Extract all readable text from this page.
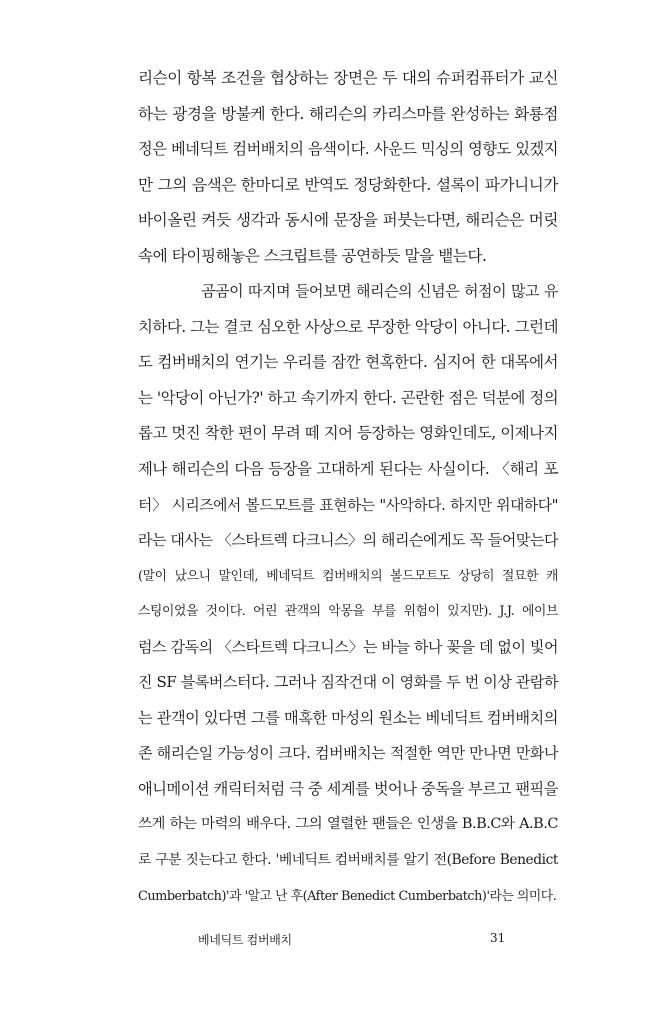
리슨이 항복 조건을 협상하는 장면은 두 대의 슈퍼컴퓨터가 교신
하는 광경을 방불케 한다. 해리슨의 카리스마를 완성하는 화룡점
정은 베네딕트 컴버배치의 음색이다. 사운드 믹싱의 영향도 있겠지
만 그의 음색은 한마디로 반역도 정당화한다. 셜록이 파가니니가
바이올린 켜듯 생각과 동시에 문장을 퍼붓는다면, 해리슨은 머릿
속에 타이핑해놓은 스크립트를 공연하듯 말을 뱉는다.
곰곰이 따지며 들어보면 해리슨의 신념은 허점이 많고 유
치하다. 그는 결코 심오한 사상으로 무장한 악당이 아니다. 그런데
도 컴버배치의 연기는 우리를 잠깐 현혹한다. 심지어 한 대목에서
는 '악당이 아닌가?' 하고 속기까지 한다. 곤란한 점은 덕분에 정의
롭고 멋진 착한 편이 무려 떼 지어 등장하는 영화인데도, 이제나지
제나 해리슨의 다음 등장을 고대하게 된다는 사실이다. 〈해리 포
터〉 시리즈에서 볼드모트를 표현하는 "사악하다. 하지만 위대하다"
라는 대사는 〈스타트렉 다크니스〉의 해리슨에게도 꼭 들어맞는다
(말이 났으니 말인데, 베네딕트 컴버배치의 볼드모트도 상당히 절묘한 캐
스팅이었을 것이다. 어린 관객의 악몽을 부를 위험이 있지만). J.J. 에이브
럼스 감독의 〈스타트렉 다크니스〉는 바늘 하나 꽂을 데 없이 빛어
진 SF 블록버스터다. 그러나 짐작건대 이 영화를 두 번 이상 관람하
는 관객이 있다면 그를 매혹한 마성의 원소는 베네딕트 컴버배치의
존 해리슨일 가능성이 크다. 컴버배치는 적절한 역만 만나면 만화나
애니메이션 캐릭터처럼 극 중 세계를 벗어나 중독을 부르고 팬픽을
쓰게 하는 마력의 배우다. 그의 열렬한 팬들은 인생을 B.B.C와 A.B.C
로 구분 짓는다고 한다. '베네딕트 컴버배치를 알기 전(Before Benedict
Cumberbatch)'과 '알고 난 후(After Benedict Cumberbatch)'라는 의미다.
베네딕트 컴버배치	31
